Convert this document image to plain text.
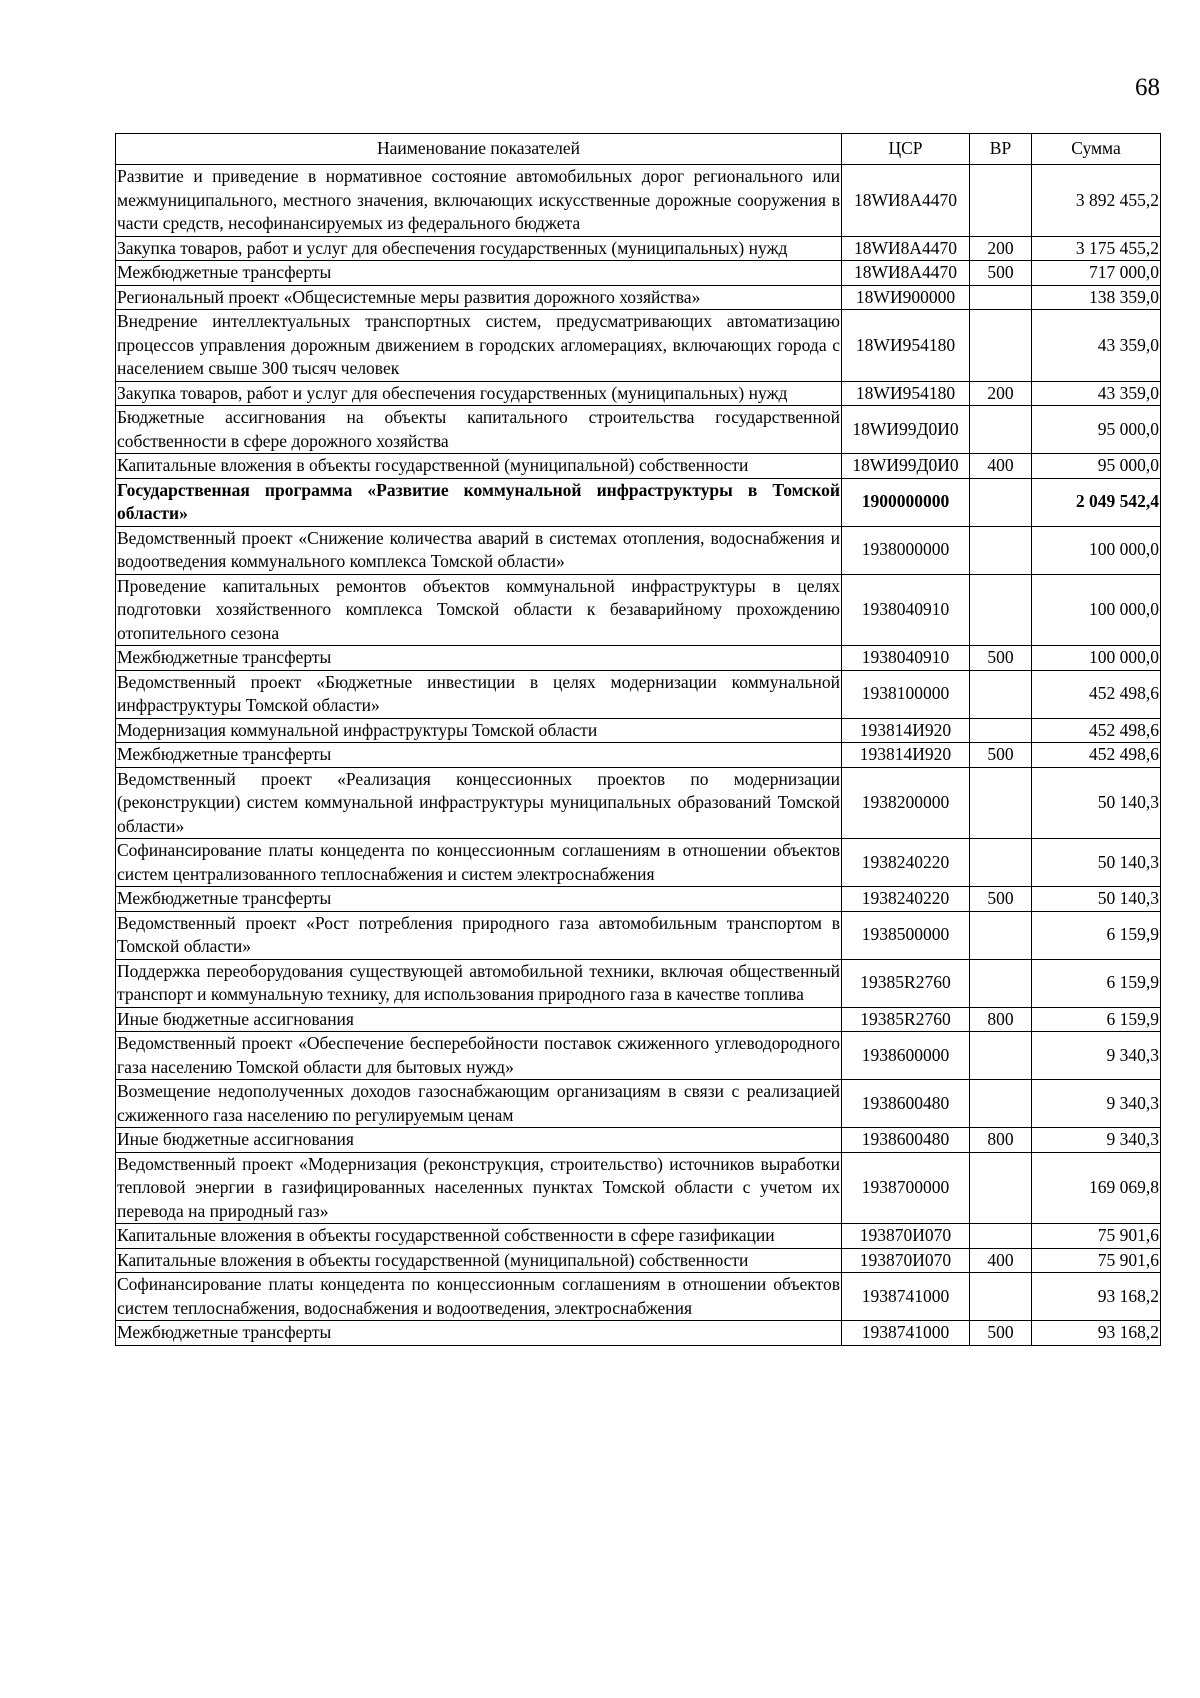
68
Наименование показателей	ЦСР	ВР	Сумма
Развитие и приведение в нормативное состояние автомобильных дорог регионального или межмуниципального, местного значения, включающих искусственные дорожные сооружения в части средств, несофинансируемых из федерального бюджета	18WИ8А4470		3 892 455,2
Закупка товаров, работ и услуг для обеспечения государственных (муниципальных) нужд	18WИ8А4470	200	3 175 455,2
Межбюджетные трансферты	18WИ8А4470	500	717 000,0
Региональный проект «Общесистемные меры развития дорожного хозяйства»	18WИ900000		138 359,0
Внедрение интеллектуальных транспортных систем, предусматривающих автоматизацию процессов управления дорожным движением в городских агломерациях, включающих города с населением свыше 300 тысяч человек	18WИ954180		43 359,0
Закупка товаров, работ и услуг для обеспечения государственных (муниципальных) нужд	18WИ954180	200	43 359,0
Бюджетные ассигнования на объекты капитального строительства государственной собственности в сфере дорожного хозяйства	18WИ99Д0И0		95 000,0
Капитальные вложения в объекты государственной (муниципальной) собственности	18WИ99Д0И0	400	95 000,0
Государственная программа «Развитие коммунальной инфраструктуры в Томской области»	1900000000		2 049 542,4
Ведомственный проект «Снижение количества аварий в системах отопления, водоснабжения и водоотведения коммунального комплекса Томской области»	1938000000		100 000,0
Проведение капитальных ремонтов объектов коммунальной инфраструктуры в целях подготовки хозяйственного комплекса Томской области к безаварийному прохождению отопительного сезона	1938040910		100 000,0
Межбюджетные трансферты	1938040910	500	100 000,0
Ведомственный проект «Бюджетные инвестиции в целях модернизации коммунальной инфраструктуры Томской области»	1938100000		452 498,6
Модернизация коммунальной инфраструктуры Томской области	193814И920		452 498,6
Межбюджетные трансферты	193814И920	500	452 498,6
Ведомственный проект «Реализация концессионных проектов по модернизации (реконструкции) систем коммунальной инфраструктуры муниципальных образований Томской области»	1938200000		50 140,3
Софинансирование платы концедента по концессионным соглашениям в отношении объектов систем централизованного теплоснабжения и систем электроснабжения	1938240220		50 140,3
Межбюджетные трансферты	1938240220	500	50 140,3
Ведомственный проект «Рост потребления природного газа автомобильным транспортом в Томской области»	1938500000		6 159,9
Поддержка переоборудования существующей автомобильной техники, включая общественный транспорт и коммунальную технику, для использования природного газа в качестве топлива	19385R2760		6 159,9
Иные бюджетные ассигнования	19385R2760	800	6 159,9
Ведомственный проект «Обеспечение бесперебойности поставок сжиженного углеводородного газа населению Томской области для бытовых нужд»	1938600000		9 340,3
Возмещение недополученных доходов газоснабжающим организациям в связи с реализацией сжиженного газа населению по регулируемым ценам	1938600480		9 340,3
Иные бюджетные ассигнования	1938600480	800	9 340,3
Ведомственный проект «Модернизация (реконструкция, строительство) источников выработки тепловой энергии в газифицированных населенных пунктах Томской области с учетом их перевода на природный газ»	1938700000		169 069,8
Капитальные вложения в объекты государственной собственности в сфере газификации	193870И070		75 901,6
Капитальные вложения в объекты государственной (муниципальной) собственности	193870И070	400	75 901,6
Софинансирование платы концедента по концессионным соглашениям в отношении объектов систем теплоснабжения, водоснабжения и водоотведения, электроснабжения	1938741000		93 168,2
Межбюджетные трансферты	1938741000	500	93 168,2
